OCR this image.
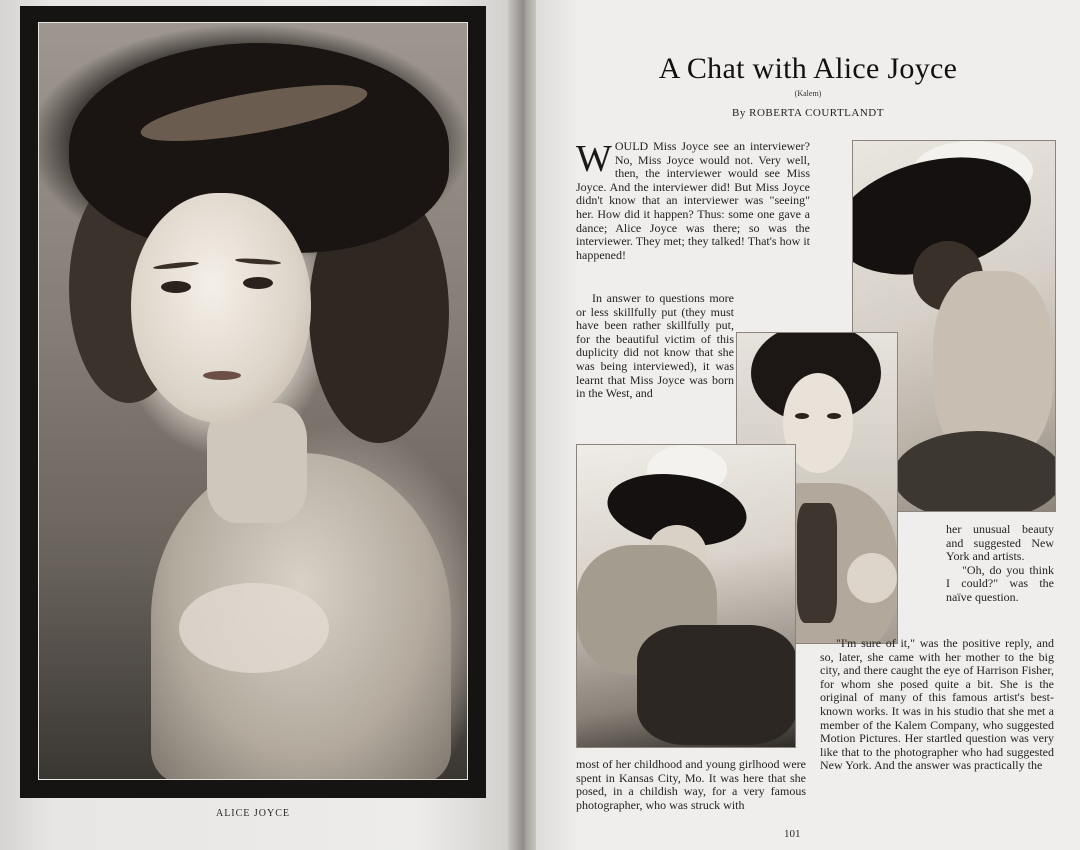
ALICE JOYCE
A Chat with Alice Joyce
(Kalem)
By ROBERTA COURTLANDT

WOULD Miss Joyce see an interviewer? No, Miss Joyce would not. Very well, then, the interviewer would see Miss Joyce. And the interviewer did! But Miss Joyce didn't know that an interviewer was "seeing" her. How did it happen? Thus: some one gave a dance; Alice Joyce was there; so was the interviewer. They met; they talked! That's how it happened!

In answer to questions more or less skillfully put (they must have been rather skillfully put, for the beautiful victim of this duplicity did not know that she was being interviewed), it was learnt that Miss Joyce was born in the West, and

most of her childhood and young girlhood were spent in Kansas City, Mo. It was here that she posed, in a childish way, for a very famous photographer, who was struck with

her unusual beauty and suggested New York and artists.

"Oh, do you think I could?" was the naïve question.

"I'm sure of it," was the positive reply, and so, later, she came with her mother to the big city, and there caught the eye of Harrison Fisher, for whom she posed quite a bit. She is the original of many of this famous artist's best-known works. It was in his studio that she met a member of the Kalem Company, who suggested Motion Pictures. Her startled question was very like that to the photographer who had suggested New York. And the answer was practically the

101
